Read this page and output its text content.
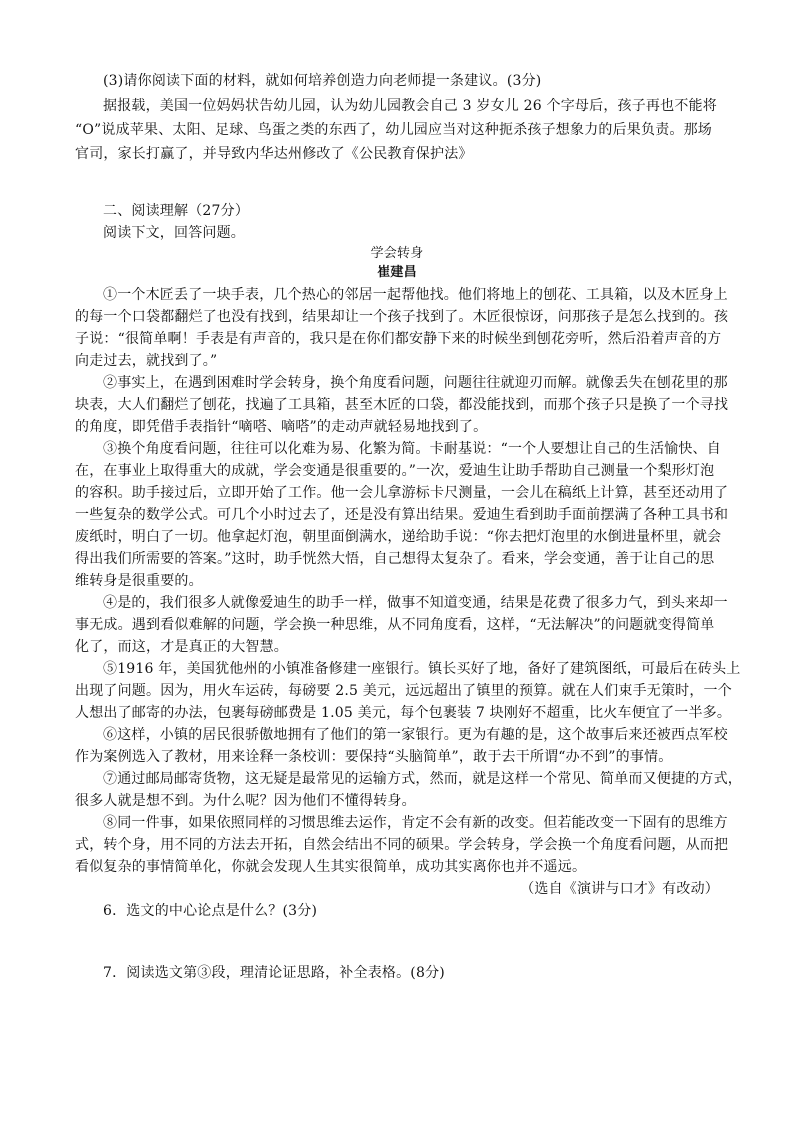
(3)请你阅读下面的材料，就如何培养创造力向老师提一条建议。(3分)
据报载，美国一位妈妈状告幼儿园，认为幼儿园教会自己 3 岁女儿 26 个字母后，孩子再也不能将
“O”说成苹果、太阳、足球、鸟蛋之类的东西了，幼儿园应当对这种扼杀孩子想象力的后果负责。那场
官司，家长打赢了，并导致内华达州修改了《公民教育保护法》
二、阅读理解（27分）
阅读下文，回答问题。
学会转身
崔建昌
①一个木匠丢了一块手表，几个热心的邻居一起帮他找。他们将地上的刨花、工具箱，以及木匠身上
的每一个口袋都翻烂了也没有找到，结果却让一个孩子找到了。木匠很惊讶，问那孩子是怎么找到的。孩
子说：“很简单啊！手表是有声音的，我只是在你们都安静下来的时候坐到刨花旁听，然后沿着声音的方
向走过去，就找到了。”
②事实上，在遇到困难时学会转身，换个角度看问题，问题往往就迎刃而解。就像丢失在刨花里的那
块表，大人们翻烂了刨花，找遍了工具箱，甚至木匠的口袋，都没能找到，而那个孩子只是换了一个寻找
的角度，即凭借手表指针“嘀嗒、嘀嗒”的走动声就轻易地找到了。
③换个角度看问题，往往可以化难为易、化繁为简。卡耐基说：“一个人要想让自己的生活愉快、自
在，在事业上取得重大的成就，学会变通是很重要的。”一次，爱迪生让助手帮助自己测量一个梨形灯泡
的容积。助手接过后，立即开始了工作。他一会儿拿游标卡尺测量，一会儿在稿纸上计算，甚至还动用了
一些复杂的数学公式。可几个小时过去了，还是没有算出结果。爱迪生看到助手面前摆满了各种工具书和
废纸时，明白了一切。他拿起灯泡，朝里面倒满水，递给助手说：“你去把灯泡里的水倒进量杯里，就会
得出我们所需要的答案。”这时，助手恍然大悟，自己想得太复杂了。看来，学会变通，善于让自己的思
维转身是很重要的。
④是的，我们很多人就像爱迪生的助手一样，做事不知道变通，结果是花费了很多力气，到头来却一
事无成。遇到看似难解的问题，学会换一种思维，从不同角度看，这样，“无法解决”的问题就变得简单
化了，而这，才是真正的大智慧。
⑤1916 年，美国犹他州的小镇准备修建一座银行。镇长买好了地，备好了建筑图纸，可最后在砖头上
出现了问题。因为，用火车运砖，每磅要 2.5 美元，远远超出了镇里的预算。就在人们束手无策时，一个
人想出了邮寄的办法，包裹每磅邮费是 1.05 美元，每个包裹装 7 块刚好不超重，比火车便宜了一半多。
⑥这样，小镇的居民很骄傲地拥有了他们的第一家银行。更为有趣的是，这个故事后来还被西点军校
作为案例选入了教材，用来诠释一条校训：要保持“头脑简单”，敢于去干所谓“办不到”的事情。
⑦通过邮局邮寄货物，这无疑是最常见的运输方式，然而，就是这样一个常见、简单而又便捷的方式，
很多人就是想不到。为什么呢？因为他们不懂得转身。
⑧同一件事，如果依照同样的习惯思维去运作，肯定不会有新的改变。但若能改变一下固有的思维方
式，转个身，用不同的方法去开拓，自然会结出不同的硕果。学会转身，学会换一个角度看问题，从而把
看似复杂的事情简单化，你就会发现人生其实很简单，成功其实离你也并不遥远。
（选自《演讲与口才》有改动）
6．选文的中心论点是什么？(3分)
7．阅读选文第③段，理清论证思路，补全表格。(8分)
